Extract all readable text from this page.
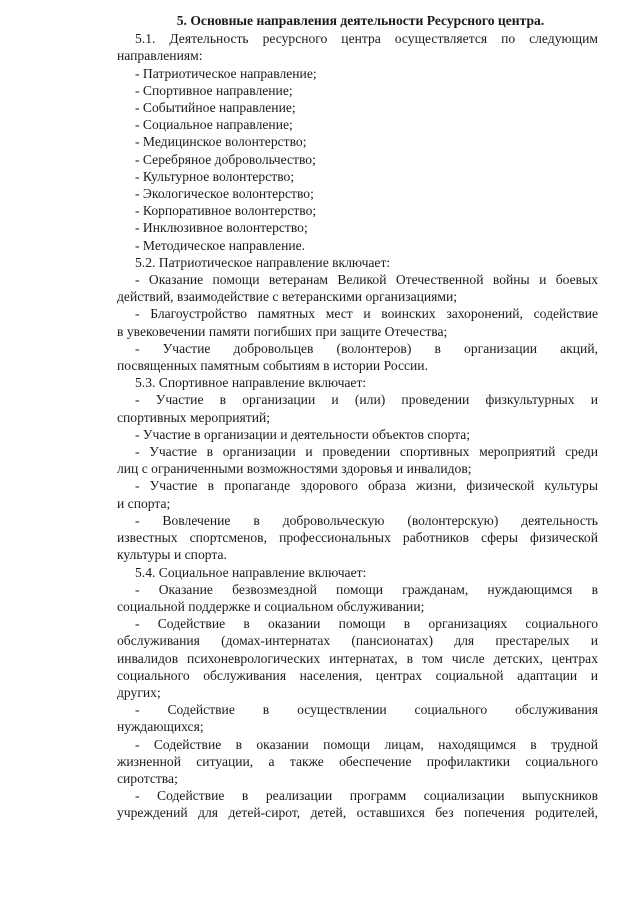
5. Основные направления деятельности Ресурсного центра.

5.1. Деятельность ресурсного центра осуществляется по следующим

направлениям:

- Патриотическое направление;

- Спортивное направление;

- Событийное направление;

- Социальное направление;

- Медицинское волонтерство;

- Серебряное добровольчество;

- Культурное волонтерство;

- Экологическое волонтерство;

- Корпоративное волонтерство;

- Инклюзивное волонтерство;

- Методическое направление.

5.2. Патриотическое направление включает:

- Оказание помощи ветеранам Великой Отечественной войны и боевых

действий, взаимодействие с ветеранскими организациями;

- Благоустройство памятных мест и воинских захоронений, содействие

в увековечении памяти погибших при защите Отечества;

- Участие добровольцев (волонтеров) в организации акций,

посвященных памятным событиям в истории России.

5.3. Спортивное направление включает:

- Участие в организации и (или) проведении физкультурных и

спортивных мероприятий;

- Участие в организации и деятельности объектов спорта;

- Участие в организации и проведении спортивных мероприятий среди

лиц с ограниченными возможностями здоровья и инвалидов;

- Участие в пропаганде здорового образа жизни, физической культуры

и спорта;

- Вовлечение в добровольческую (волонтерскую) деятельность

известных спортсменов, профессиональных работников сферы физической

культуры и спорта.

5.4. Социальное направление включает:

- Оказание безвозмездной помощи гражданам, нуждающимся в

социальной поддержке и социальном обслуживании;

- Содействие в оказании помощи в организациях социального

обслуживания (домах-интернатах (пансионатах) для престарелых и

инвалидов психоневрологических интернатах, в том числе детских, центрах

социального обслуживания населения, центрах социальной адаптации и

других;

- Содействие в осуществлении социального обслуживания

нуждающихся;

- Содействие в оказании помощи лицам, находящимся в трудной

жизненной ситуации, а также обеспечение профилактики социального

сиротства;

- Содействие в реализации программ социализации выпускников

учреждений для детей-сирот, детей, оставшихся без попечения родителей,
